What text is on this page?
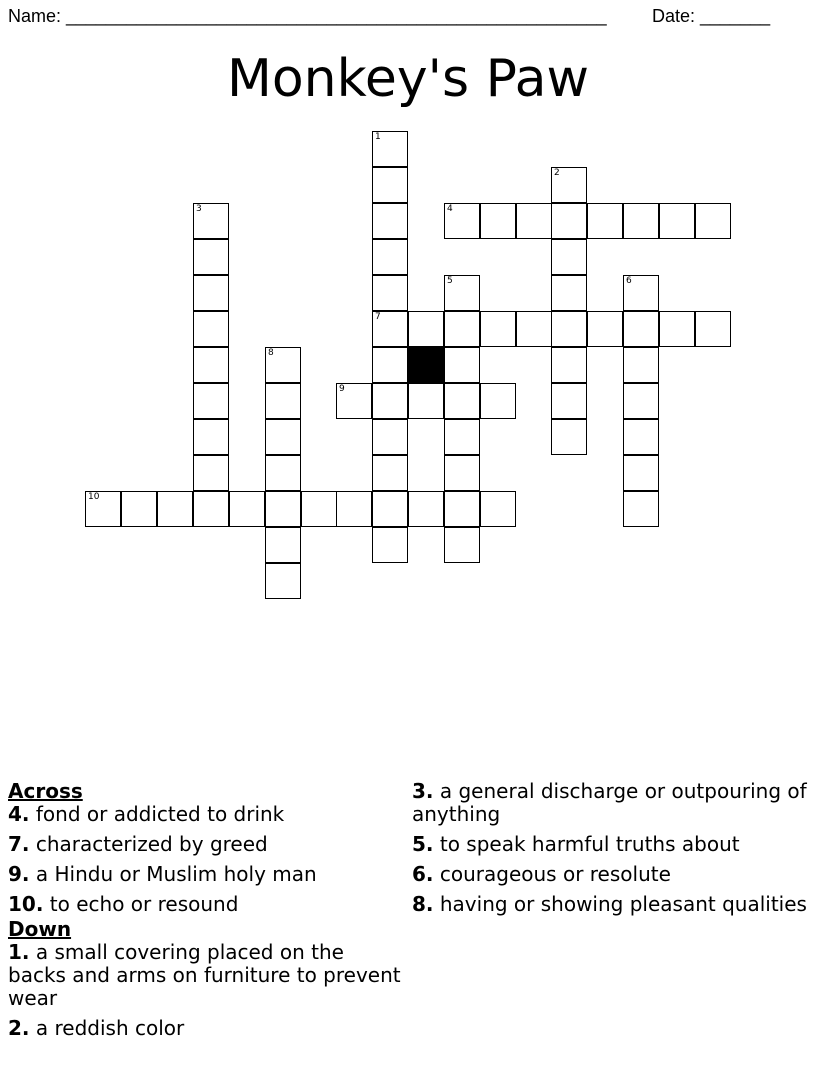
Name: ______________________________________________________	Date: _______
Monkey's Paw
1
7
2
3	4
5	6
8
9
10
Across
4. fond or addicted to drink
7. characterized by greed
9. a Hindu or Muslim holy man
10. to echo or resound
Down
1. a small covering placed on the backs and arms on furniture to prevent wear
2. a reddish color
3. a general discharge or outpouring of anything
5. to speak harmful truths about
6. courageous or resolute
8. having or showing pleasant qualities
